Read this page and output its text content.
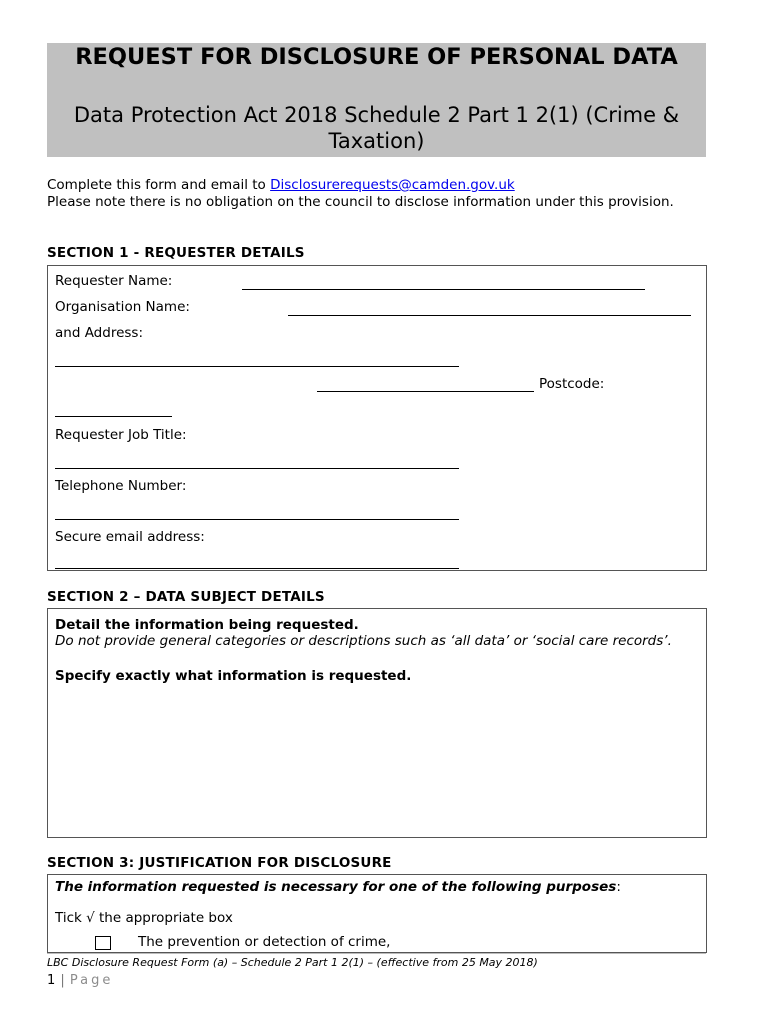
REQUEST FOR DISCLOSURE OF PERSONAL DATA
Data Protection Act 2018 Schedule 2 Part 1 2(1) (Crime & Taxation)
Complete this form and email to Disclosurerequests@camden.gov.uk
Please note there is no obligation on the council to disclose information under this provision.
SECTION 1 - REQUESTER DETAILS
Requester Name:
Organisation Name:
and Address:
Postcode:
Requester Job Title:
Telephone Number:
Secure email address:
SECTION 2 – DATA SUBJECT DETAILS
Detail the information being requested.
Do not provide general categories or descriptions such as ‘all data’ or ‘social care records’.
Specify exactly what information is requested.
SECTION 3: JUSTIFICATION FOR DISCLOSURE
The information requested is necessary for one of the following purposes:
Tick √ the appropriate box
The prevention or detection of crime,
LBC Disclosure Request Form (a) – Schedule 2 Part 1 2(1) – (effective from 25 May 2018)
1 | Page
